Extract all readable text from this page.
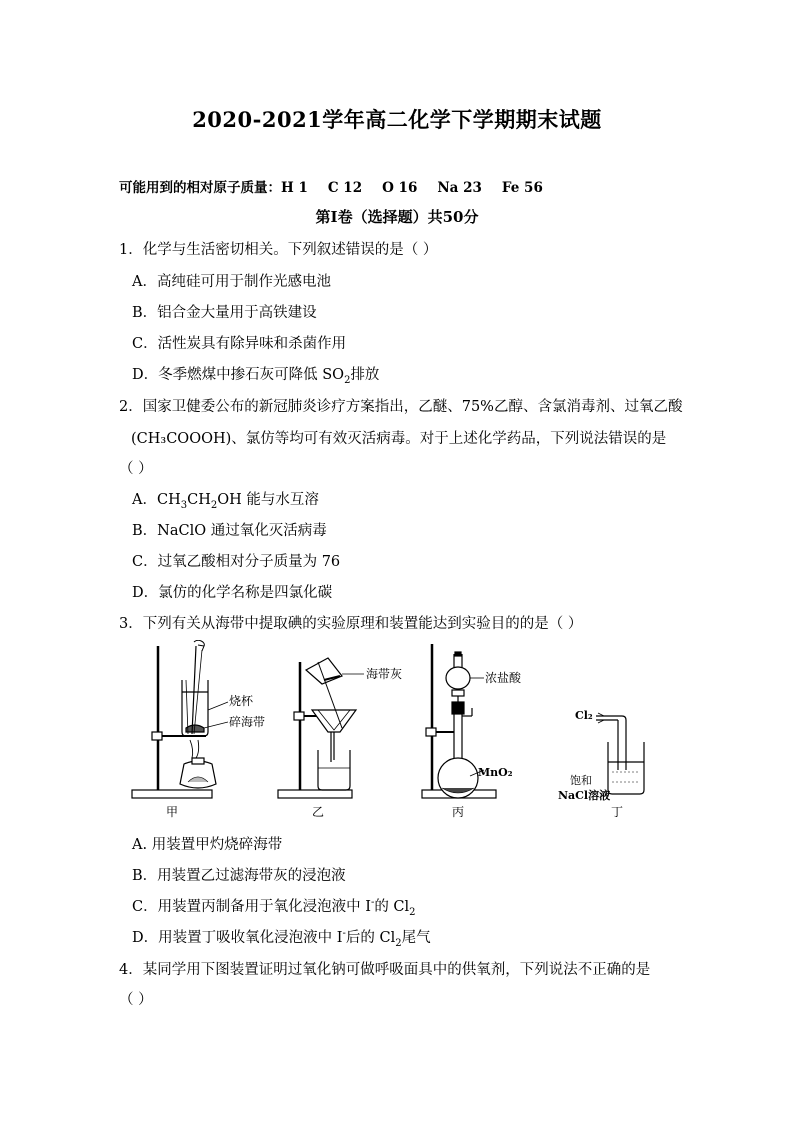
2020-2021学年高二化学下学期期末试题
可能用到的相对原子质量：H 1 C 12 O 16 Na 23 Fe 56
第Ⅰ卷（选择题）共50分
1．化学与生活密切相关。下列叙述错误的是（ ）
A．高纯硅可用于制作光感电池
B．铝合金大量用于高铁建设
C．活性炭具有除异味和杀菌作用
D．冬季燃煤中掺石灰可降低 $SO_2$排放
2．国家卫健委公布的新冠肺炎诊疗方案指出，乙醚、75%乙醇、含氯消毒剂、过氧乙酸
(CH₃COOOH)、氯仿等均可有效灭活病毒。对于上述化学药品，下列说法错误的是
（ ）
A．$CH_3CH_2OH$ 能与水互溶
B．NaClO 通过氧化灭活病毒
C．过氧乙酸相对分子质量为 76
D．氯仿的化学名称是四氯化碳
3．下列有关从海带中提取碘的实验原理和装置能达到实验目的的是（ ）
烧杯
碎海带
甲
海带灰
乙
浓盐酸
MnO₂
丙
Cl₂
饱和
NaCl溶液
丁
A. 用装置甲灼烧碎海带
B．用装置乙过滤海带灰的浸泡液
C．用装置丙制备用于氧化浸泡液中 I-的 $Cl_2$
D．用装置丁吸收氧化浸泡液中 I-后的 $Cl_2$尾气
4．某同学用下图装置证明过氧化钠可做呼吸面具中的供氧剂，下列说法不正确的是
（ ）
